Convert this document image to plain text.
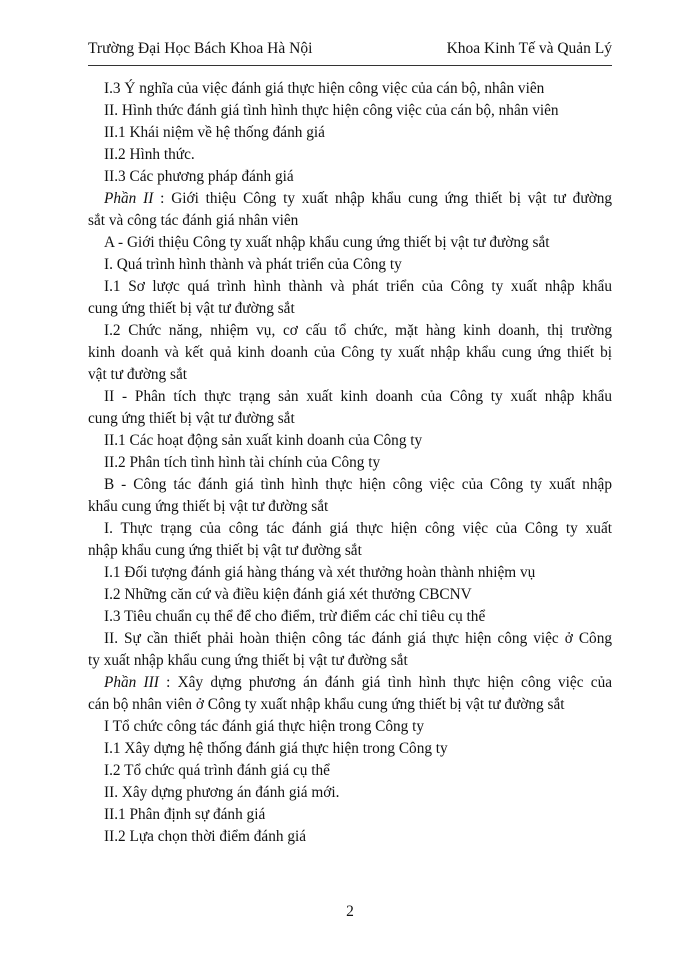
Trường Đại Học Bách Khoa Hà Nội	Khoa Kinh Tế và Quản Lý
I.3 Ý nghĩa của việc đánh giá thực hiện công việc của cán bộ, nhân viên
II. Hình thức đánh giá tình hình thực hiện công việc của cán bộ, nhân viên
II.1 Khái niệm về hệ thống đánh giá
II.2 Hình thức.
II.3 Các phương pháp đánh giá
Phần II : Giới thiệu Công ty xuất nhập khẩu cung ứng thiết bị vật tư đường
sắt và công tác đánh giá nhân viên
A - Giới thiệu Công ty xuất nhập khẩu cung ứng thiết bị vật tư đường sắt
I. Quá trình hình thành và phát triển của Công ty
I.1 Sơ lược quá trình hình thành và phát triển của Công ty xuất nhập khẩu
cung ứng thiết bị vật tư đường sắt
I.2 Chức năng, nhiệm vụ, cơ cấu tổ chức, mặt hàng kinh doanh, thị trường
kinh doanh và kết quả kinh doanh của Công ty xuất nhập khẩu cung ứng thiết bị
vật tư đường sắt
II - Phân tích thực trạng sản xuất kinh doanh của Công ty xuất nhập khẩu
cung ứng thiết bị vật tư đường sắt
II.1 Các hoạt động sản xuất kinh doanh của Công ty
II.2 Phân tích tình hình tài chính của Công ty
B - Công tác đánh giá tình hình thực hiện công việc của Công ty xuất nhập
khẩu cung ứng thiết bị vật tư đường sắt
I. Thực trạng của công tác đánh giá thực hiện công việc của Công ty xuất
nhập khẩu cung ứng thiết bị vật tư đường sắt
I.1 Đối tượng đánh giá hàng tháng và xét thưởng hoàn thành nhiệm vụ
I.2 Những căn cứ và điều kiện đánh giá xét thưởng CBCNV
I.3 Tiêu chuẩn cụ thể để cho điểm, trừ điểm các chỉ tiêu cụ thể
II. Sự cần thiết phải hoàn thiện công tác đánh giá thực hiện công việc ở Công
ty xuất nhập khẩu cung ứng thiết bị vật tư đường sắt
Phần III : Xây dựng phương án đánh giá tình hình thực hiện công việc của
cán bộ nhân viên ở Công ty xuất nhập khẩu cung ứng thiết bị vật tư đường sắt
I Tổ chức công tác đánh giá thực hiện trong Công ty
I.1 Xây dựng hệ thống đánh giá thực hiện trong Công ty
I.2 Tổ chức quá trình đánh giá cụ thể
II. Xây dựng phương án đánh giá mới.
II.1 Phân định sự đánh giá
II.2 Lựa chọn thời điểm đánh giá
2
